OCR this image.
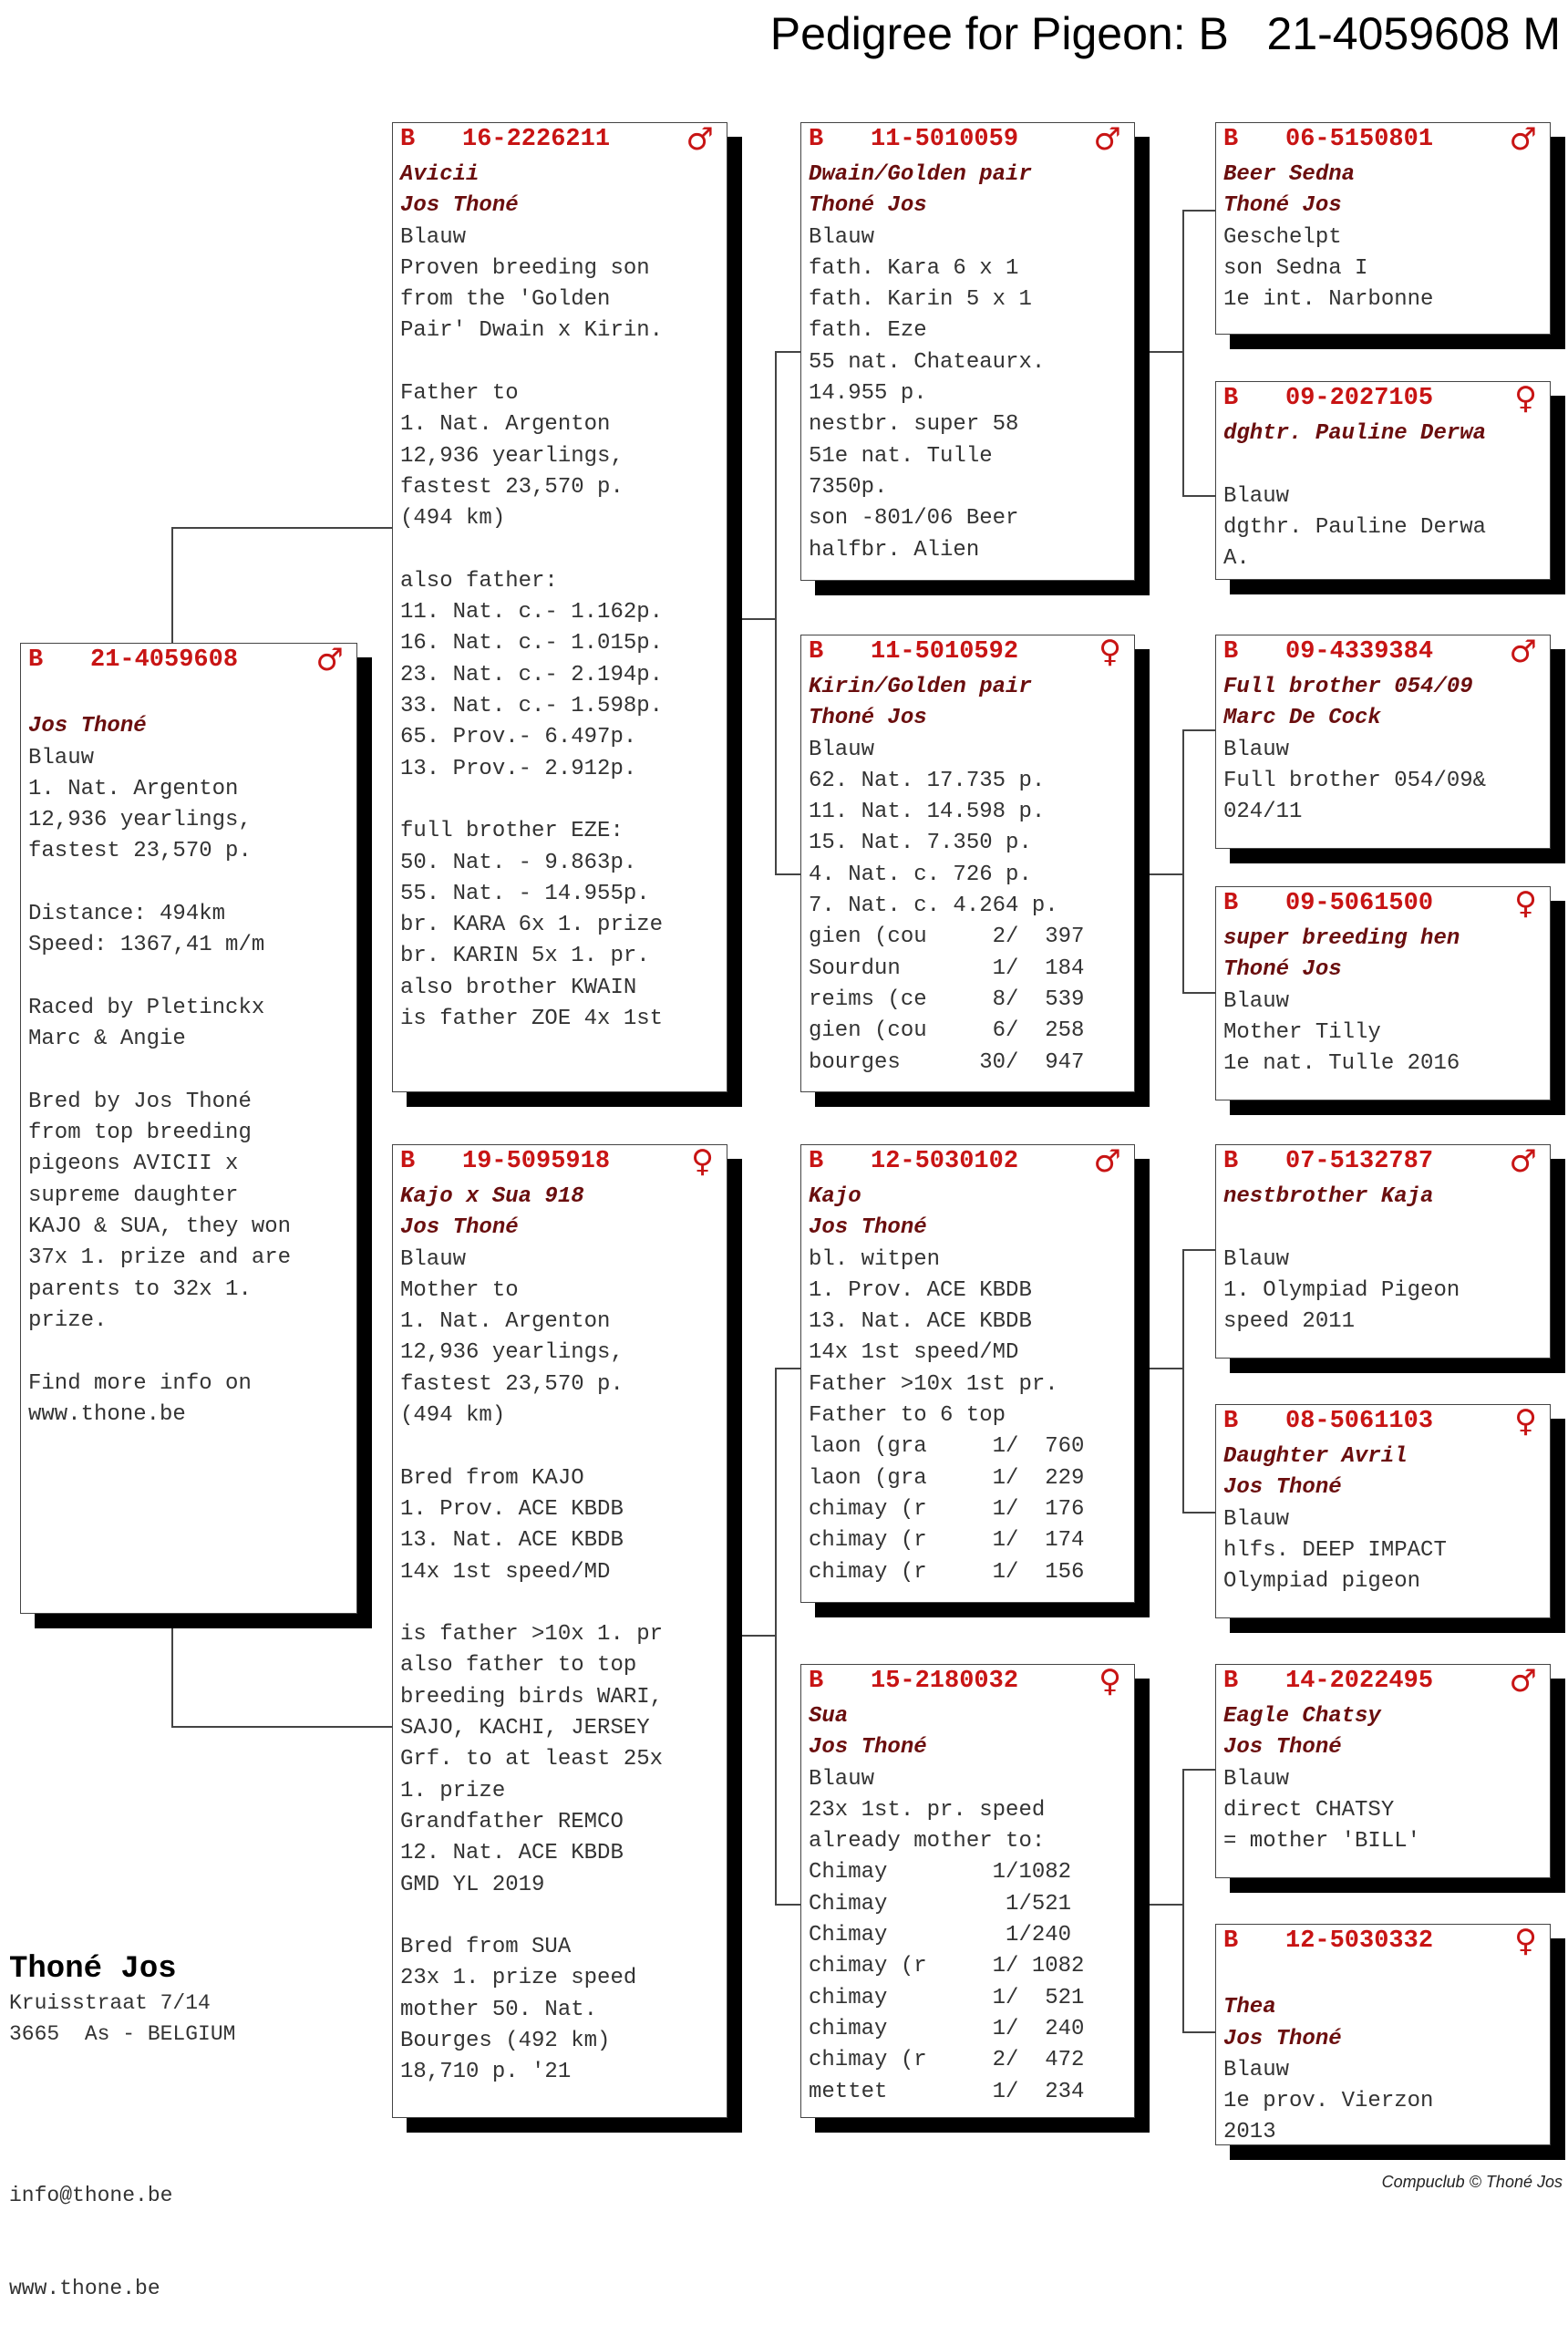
Pedigree for Pigeon: B   21-4059608 M
B 21-4059608	♂
Jos Thoné
Blauw
1. Nat. Argenton
12,936 yearlings,
fastest 23,570 p.
Distance: 494km
Speed: 1367,41 m/m
Raced by Pletinckx
Marc & Angie
Bred by Jos Thoné
from top breeding
pigeons AVICII x
supreme daughter
KAJO & SUA, they won
37x 1. prize and are
parents to 32x 1.
prize.
Find more info on
www.thone.be
B 16-2226211 ♂
Avicii
Jos Thoné
Blauw
Proven breeding son
from the 'Golden
Pair' Dwain x Kirin.
Father to
1. Nat. Argenton
12,936 yearlings,
fastest 23,570 p.
(494 km)
also father:
11. Nat. c.- 1.162p.
16. Nat. c.- 1.015p.
23. Nat. c.- 2.194p.
33. Nat. c.- 1.598p.
65. Prov.- 6.497p.
13. Prov.- 2.912p.
full brother EZE:
50. Nat. - 9.863p.
55. Nat. - 14.955p.
br. KARA 6x 1. prize
br. KARIN 5x 1. pr.
also brother KWAIN
is father ZOE 4x 1st
B 19-5095918	♀
Kajo x Sua 918
Jos Thoné
Blauw
Mother to
1. Nat. Argenton
12,936 yearlings,
fastest 23,570 p.
(494 km)
Bred from KAJO
1. Prov. ACE KBDB
13. Nat. ACE KBDB
14x 1st speed/MD
is father >10x 1. pr
also father to top
breeding birds WARI,
SAJO, KACHI, JERSEY
Grf. to at least 25x
1. prize
Grandfather REMCO
12. Nat. ACE KBDB
GMD YL 2019
Bred from SUA
23x 1. prize speed
mother 50. Nat.
Bourges (492 km)
18,710 p. '21
B 11-5010059 ♂
Dwain/Golden pair
Thoné Jos
Blauw
fath. Kara 6 x 1
fath. Karin 5 x 1
fath. Eze
55 nat. Chateaurx.
14.955 p.
nestbr. super 58
51e nat. Tulle
7350p.
son -801/06 Beer
halfbr. Alien
B 11-5010592	♀
Kirin/Golden pair
Thoné Jos
Blauw
62. Nat. 17.735 p.
11. Nat. 14.598 p.
15. Nat. 7.350 p.
4. Nat. c. 726 p.
7. Nat. c. 4.264 p.
gien (cou     2/  397
Sourdun       1/  184
reims (ce     8/  539
gien (cou     6/  258
bourges      30/  947
B 12-5030102 ♂
Kajo
Jos Thoné
bl. witpen
1. Prov. ACE KBDB
13. Nat. ACE KBDB
14x 1st speed/MD
Father >10x 1st pr.
Father to 6 top
laon (gra     1/  760
laon (gra     1/  229
chimay (r     1/  176
chimay (r     1/  174
chimay (r     1/  156
B 15-2180032	♀
Sua
Jos Thoné
Blauw
23x 1st. pr. speed
already mother to:
Chimay        1/1082
Chimay         1/521
Chimay         1/240
chimay (r     1/ 1082
chimay        1/  521
chimay        1/  240
chimay (r     2/  472
mettet        1/  234
B 06-5150801 ♂
Beer Sedna
Thoné Jos
Geschelpt
son Sedna I
1e int. Narbonne
B 09-2027105	♀
dghtr. Pauline Derwa
Blauw
dgthr. Pauline Derwa
A.
B 09-4339384 ♂
Full brother 054/09
Marc De Cock
Blauw
Full brother 054/09&
024/11
B 09-5061500	♀
super breeding hen
Thoné Jos
Blauw
Mother Tilly
1e nat. Tulle 2016
B 07-5132787 ♂
nestbrother Kaja
Blauw
1. Olympiad Pigeon
speed 2011
B 08-5061103	♀
Daughter Avril
Jos Thoné
Blauw
hlfs. DEEP IMPACT
Olympiad pigeon
B 14-2022495 ♂
Eagle Chatsy
Jos Thoné
Blauw
direct CHATSY
= mother 'BILL'
B 12-5030332	♀
Thea
Jos Thoné
Blauw
1e prov. Vierzon
2013
Thoné Jos
Kruisstraat 7/14
3665  As - BELGIUM

info@thone.be

www.thone.be

Compuclub © Thoné Jos
